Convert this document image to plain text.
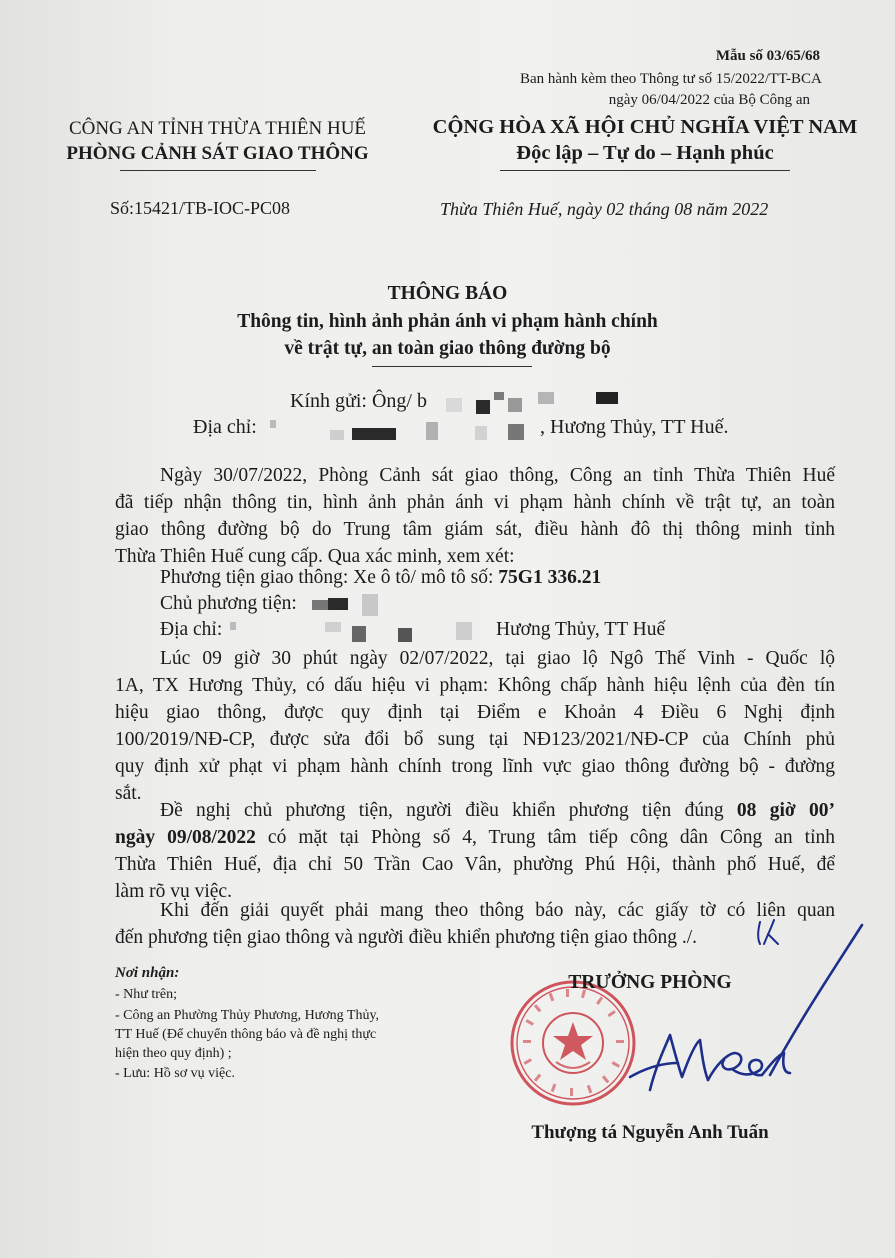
Mẫu số 03/65/68
Ban hành kèm theo Thông tư số 15/2022/TT-BCA
ngày 06/04/2022 của Bộ Công an
CÔNG AN TỈNH THỪA THIÊN HUẾ
PHÒNG CẢNH SÁT GIAO THÔNG
CỘNG HÒA XÃ HỘI CHỦ NGHĨA VIỆT NAM
Độc lập – Tự do – Hạnh phúc
Số:15421/TB-IOC-PC08	Thừa Thiên Huế, ngày 02 tháng 08 năm 2022
THÔNG BÁO
Thông tin, hình ảnh phản ánh vi phạm hành chính
về trật tự, an toàn giao thông đường bộ
Kính gửi: Ông/ b
Địa chỉ:	, Hương Thủy, TT Huế.
Ngày 30/07/2022, Phòng Cảnh sát giao thông, Công an tỉnh Thừa Thiên Huế
đã tiếp nhận thông tin, hình ảnh phản ánh vi phạm hành chính về trật tự, an toàn
giao thông đường bộ do Trung tâm giám sát, điều hành đô thị thông minh tỉnh
Thừa Thiên Huế cung cấp. Qua xác minh, xem xét:
Phương tiện giao thông: Xe ô tô/ mô tô số: 75G1 336.21
Chủ phương tiện:
Địa chỉ:	Hương Thủy, TT Huế
Lúc 09 giờ 30 phút ngày 02/07/2022, tại giao lộ Ngô Thế Vinh - Quốc lộ
1A, TX Hương Thủy, có dấu hiệu vi phạm: Không chấp hành hiệu lệnh của đèn tín
hiệu giao thông, được quy định tại Điểm e Khoản 4 Điều 6 Nghị định
100/2019/NĐ-CP, được sửa đổi bổ sung tại NĐ123/2021/NĐ-CP của Chính phủ
quy định xử phạt vi phạm hành chính trong lĩnh vực giao thông đường bộ - đường
sắt.
Đề nghị chủ phương tiện, người điều khiển phương tiện đúng 08 giờ 00’
ngày 09/08/2022 có mặt tại Phòng số 4, Trung tâm tiếp công dân Công an tỉnh
Thừa Thiên Huế, địa chỉ 50 Trần Cao Vân, phường Phú Hội, thành phố Huế, để
làm rõ vụ việc.
Khi đến giải quyết phải mang theo thông báo này, các giấy tờ có liên quan
đến phương tiện giao thông và người điều khiển phương tiện giao thông ./.
Nơi nhận:
- Như trên;
- Công an Phường Thủy Phương, Hương Thủy,
TT Huế (Để chuyển thông báo và đề nghị thực
hiện theo quy định) ;
- Lưu: Hồ sơ vụ việc.
TRƯỞNG PHÒNG
Thượng tá Nguyễn Anh Tuấn
